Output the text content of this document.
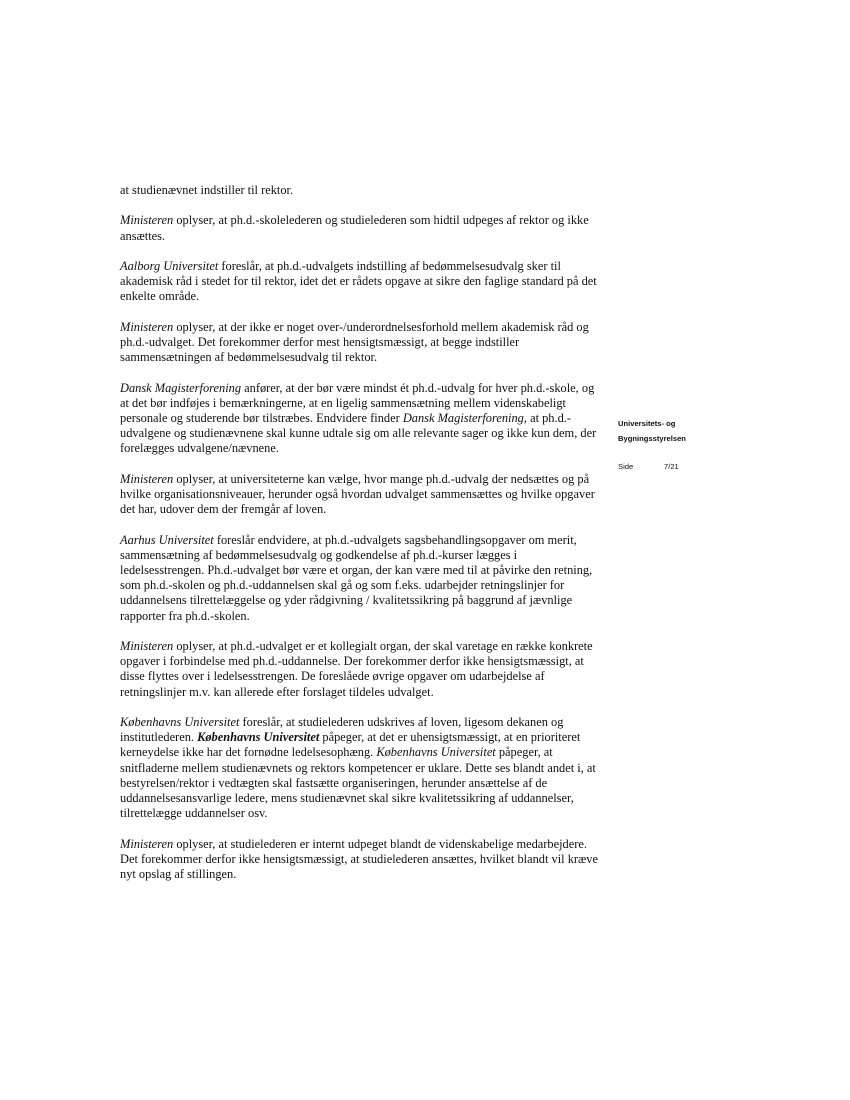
at studienævnet indstiller til rektor.

Ministeren oplyser, at ph.d.-skolelederen og studielederen som hidtil udpeges af rektor og ikke ansættes.

Aalborg Universitet foreslår, at ph.d.-udvalgets indstilling af bedømmelsesudvalg sker til akademisk råd i stedet for til rektor, idet det er rådets opgave at sikre den faglige standard på det enkelte område.

Ministeren oplyser, at der ikke er noget over-/underordnelsesforhold mellem akademisk råd og ph.d.-udvalget. Det forekommer derfor mest hensigtsmæssigt, at begge indstiller sammensætningen af bedømmelsesudvalg til rektor.

Dansk Magisterforening anfører, at der bør være mindst ét ph.d.-udvalg for hver ph.d.-skole, og at det bør indføjes i bemærkningerne, at en ligelig sammensætning mellem videnskabeligt personale og studerende bør tilstræbes. Endvidere finder Dansk Magisterforening, at ph.d.-udvalgene og studienævnene skal kunne udtale sig om alle relevante sager og ikke kun dem, der forelægges udvalgene/nævnene.

Ministeren oplyser, at universiteterne kan vælge, hvor mange ph.d.-udvalg der nedsættes og på hvilke organisationsniveauer, herunder også hvordan udvalget sammensættes og hvilke opgaver det har, udover dem der fremgår af loven.

Aarhus Universitet foreslår endvidere, at ph.d.-udvalgets sagsbehandlingsopgaver om merit, sammensætning af bedømmelsesudvalg og godkendelse af ph.d.-kurser lægges i ledelsesstrengen. Ph.d.-udvalget bør være et organ, der kan være med til at påvirke den retning, som ph.d.-skolen og ph.d.-uddannelsen skal gå og som f.eks. udarbejder retningslinjer for uddannelsens tilrettelæggelse og yder rådgivning / kvalitetssikring på baggrund af jævnlige rapporter fra ph.d.-skolen.

Ministeren oplyser, at ph.d.-udvalget er et kollegialt organ, der skal varetage en række konkrete opgaver i forbindelse med ph.d.-uddannelse. Der forekommer derfor ikke hensigtsmæssigt, at disse flyttes over i ledelsesstrengen. De foreslåede øvrige opgaver om udarbejdelse af retningslinjer m.v. kan allerede efter forslaget tildeles udvalget.

Københavns Universitet foreslår, at studielederen udskrives af loven, ligesom dekanen og institutlederen. Københavns Universitet påpeger, at det er uhensigtsmæssigt, at en prioriteret kerneydelse ikke har det fornødne ledelsesophæng. Københavns Universitet påpeger, at snitfladerne mellem studienævnets og rektors kompetencer er uklare. Dette ses blandt andet i, at bestyrelsen/rektor i vedtægten skal fastsætte organiseringen, herunder ansættelse af de uddannelsesansvarlige ledere, mens studienævnet skal sikre kvalitetssikring af uddannelser, tilrettelægge uddannelser osv.

Ministeren oplyser, at studielederen er internt udpeget blandt de videnskabelige medarbejdere. Det forekommer derfor ikke hensigtsmæssigt, at studielederen ansættes, hvilket blandt vil kræve nyt opslag af stillingen.

Universitets- og
Bygningsstyrelsen
Side	7/21
